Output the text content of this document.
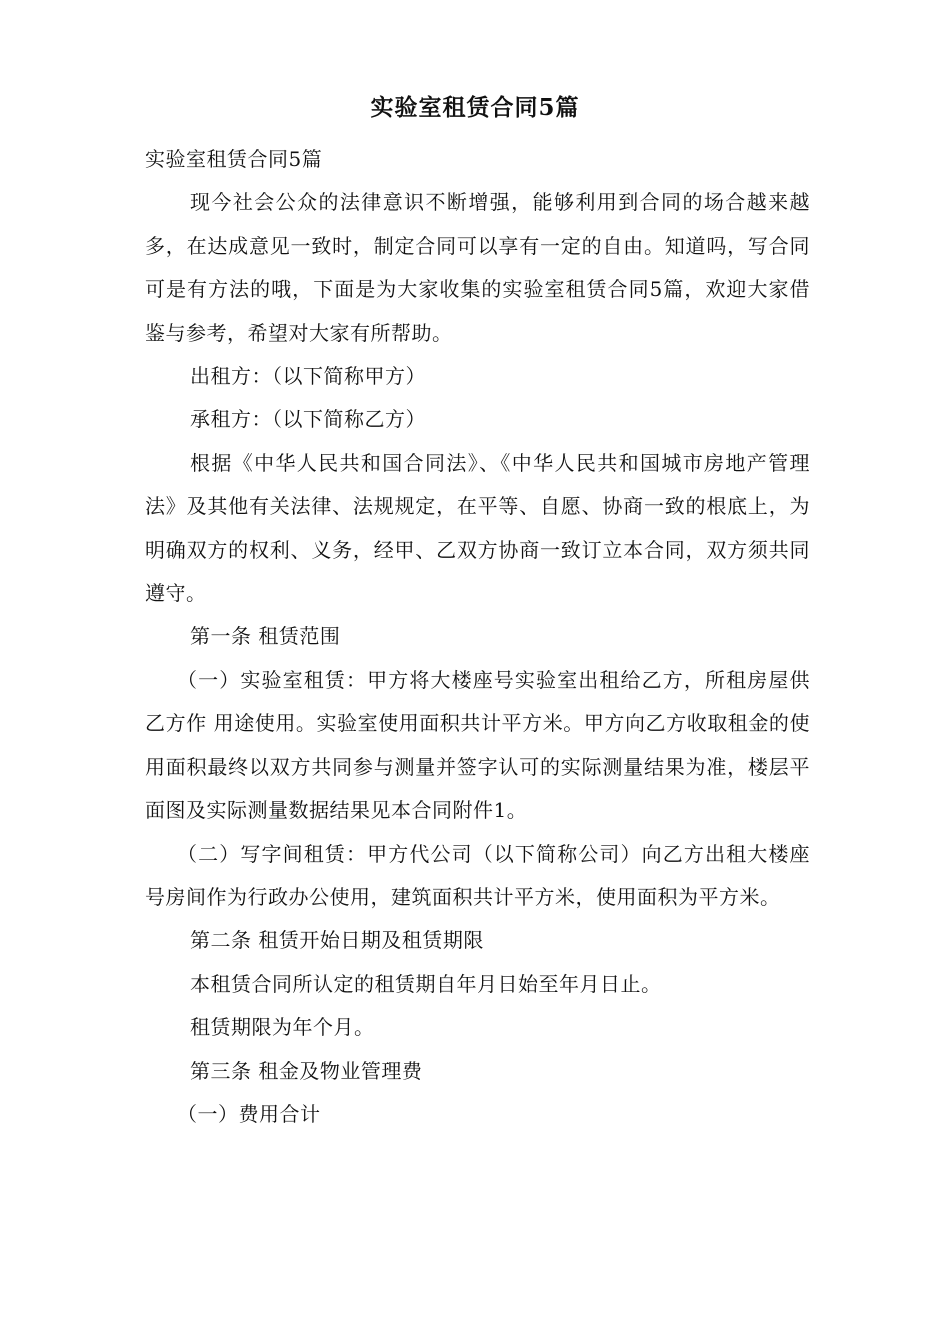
实验室租赁合同5篇

实验室租赁合同5篇

现今社会公众的法律意识不断增强，能够利用到合同的场合越来越多，在达成意见一致时，制定合同可以享有一定的自由。知道吗，写合同可是有方法的哦，下面是为大家收集的实验室租赁合同5篇，欢迎大家借鉴与参考，希望对大家有所帮助。

出租方：（以下简称甲方）

承租方：（以下简称乙方）

根据《中华人民共和国合同法》、《中华人民共和国城市房地产管理法》及其他有关法律、法规规定，在平等、自愿、协商一致的根底上，为明确双方的权利、义务，经甲、乙双方协商一致订立本合同，双方须共同遵守。

第一条 租赁范围

（一）实验室租赁：甲方将大楼座号实验室出租给乙方，所租房屋供乙方作 用途使用。实验室使用面积共计平方米。甲方向乙方收取租金的使用面积最终以双方共同参与测量并签字认可的实际测量结果为准，楼层平面图及实际测量数据结果见本合同附件1。

（二）写字间租赁：甲方代公司（以下简称公司）向乙方出租大楼座号房间作为行政办公使用，建筑面积共计平方米，使用面积为平方米。

第二条 租赁开始日期及租赁期限

本租赁合同所认定的租赁期自年月日始至年月日止。

租赁期限为年个月。

第三条 租金及物业管理费

（一）费用合计
